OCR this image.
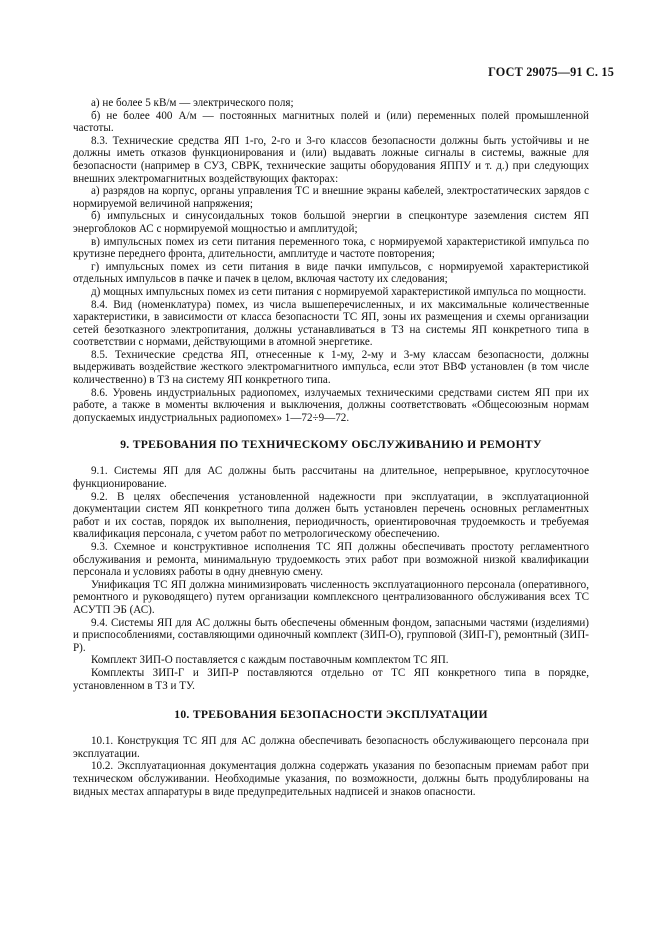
ГОСТ 29075—91 С. 15

а) не более 5 кВ/м — электрического поля;

б) не более 400 А/м — постоянных магнитных полей и (или) переменных полей промышленной частоты.

8.3. Технические средства ЯП 1-го, 2-го и 3-го классов безопасности должны быть устойчивы и не должны иметь отказов функционирования и (или) выдавать ложные сигналы в системы, важные для безопасности (например в СУЗ, СВРК, технические защиты оборудования ЯППУ и т. д.) при следующих внешних электромагнитных воздействующих факторах:

а) разрядов на корпус, органы управления ТС и внешние экраны кабелей, электростатических зарядов с нормируемой величиной напряжения;

б) импульсных и синусоидальных токов большой энергии в спецконтуре заземления систем ЯП энергоблоков АС с нормируемой мощностью и амплитудой;

в) импульсных помех из сети питания переменного тока, с нормируемой характеристикой импульса по крутизне переднего фронта, длительности, амплитуде и частоте повторения;

г) импульсных помех из сети питания в виде пачки импульсов, с нормируемой характеристикой отдельных импульсов в пачке и пачек в целом, включая частоту их следования;

д) мощных импульсных помех из сети питания с нормируемой характеристикой импульса по мощности.

8.4. Вид (номенклатура) помех, из числа вышеперечисленных, и их максимальные количественные характеристики, в зависимости от класса безопасности ТС ЯП, зоны их размещения и схемы организации сетей безотказного электропитания, должны устанавливаться в ТЗ на системы ЯП конкретного типа в соответствии с нормами, действующими в атомной энергетике.

8.5. Технические средства ЯП, отнесенные к 1-му, 2-му и 3-му классам безопасности, должны выдерживать воздействие жесткого электромагнитного импульса, если этот ВВФ установлен (в том числе количественно) в ТЗ на систему ЯП конкретного типа.

8.6. Уровень индустриальных радиопомех, излучаемых техническими средствами систем ЯП при их работе, а также в моменты включения и выключения, должны соответствовать «Общесоюзным нормам допускаемых индустриальных радиопомех» 1—72÷9—72.

9. ТРЕБОВАНИЯ ПО ТЕХНИЧЕСКОМУ ОБСЛУЖИВАНИЮ И РЕМОНТУ

9.1. Системы ЯП для АС должны быть рассчитаны на длительное, непрерывное, круглосуточное функционирование.

9.2. В целях обеспечения установленной надежности при эксплуатации, в эксплуатационной документации систем ЯП конкретного типа должен быть установлен перечень основных регламентных работ и их состав, порядок их выполнения, периодичность, ориентировочная трудоемкость и требуемая квалификация персонала, с учетом работ по метрологическому обеспечению.

9.3. Схемное и конструктивное исполнения ТС ЯП должны обеспечивать простоту регламентного обслуживания и ремонта, минимальную трудоемкость этих работ при возможной низкой квалификации персонала и условиях работы в одну дневную смену.

Унификация ТС ЯП должна минимизировать численность эксплуатационного персонала (оперативного, ремонтного и руководящего) путем организации комплексного централизованного обслуживания всех ТС АСУТП ЭБ (АС).

9.4. Системы ЯП для АС должны быть обеспечены обменным фондом, запасными частями (изделиями) и приспособлениями, составляющими одиночный комплект (ЗИП-О), групповой (ЗИП-Г), ремонтный (ЗИП-Р).

Комплект ЗИП-О поставляется с каждым поставочным комплектом ТС ЯП.

Комплекты ЗИП-Г и ЗИП-Р поставляются отдельно от ТС ЯП конкретного типа в порядке, установленном в ТЗ и ТУ.

10. ТРЕБОВАНИЯ БЕЗОПАСНОСТИ ЭКСПЛУАТАЦИИ

10.1. Конструкция ТС ЯП для АС должна обеспечивать безопасность обслуживающего персонала при эксплуатации.

10.2. Эксплуатационная документация должна содержать указания по безопасным приемам работ при техническом обслуживании. Необходимые указания, по возможности, должны быть продублированы на видных местах аппаратуры в виде предупредительных надписей и знаков опасности.
